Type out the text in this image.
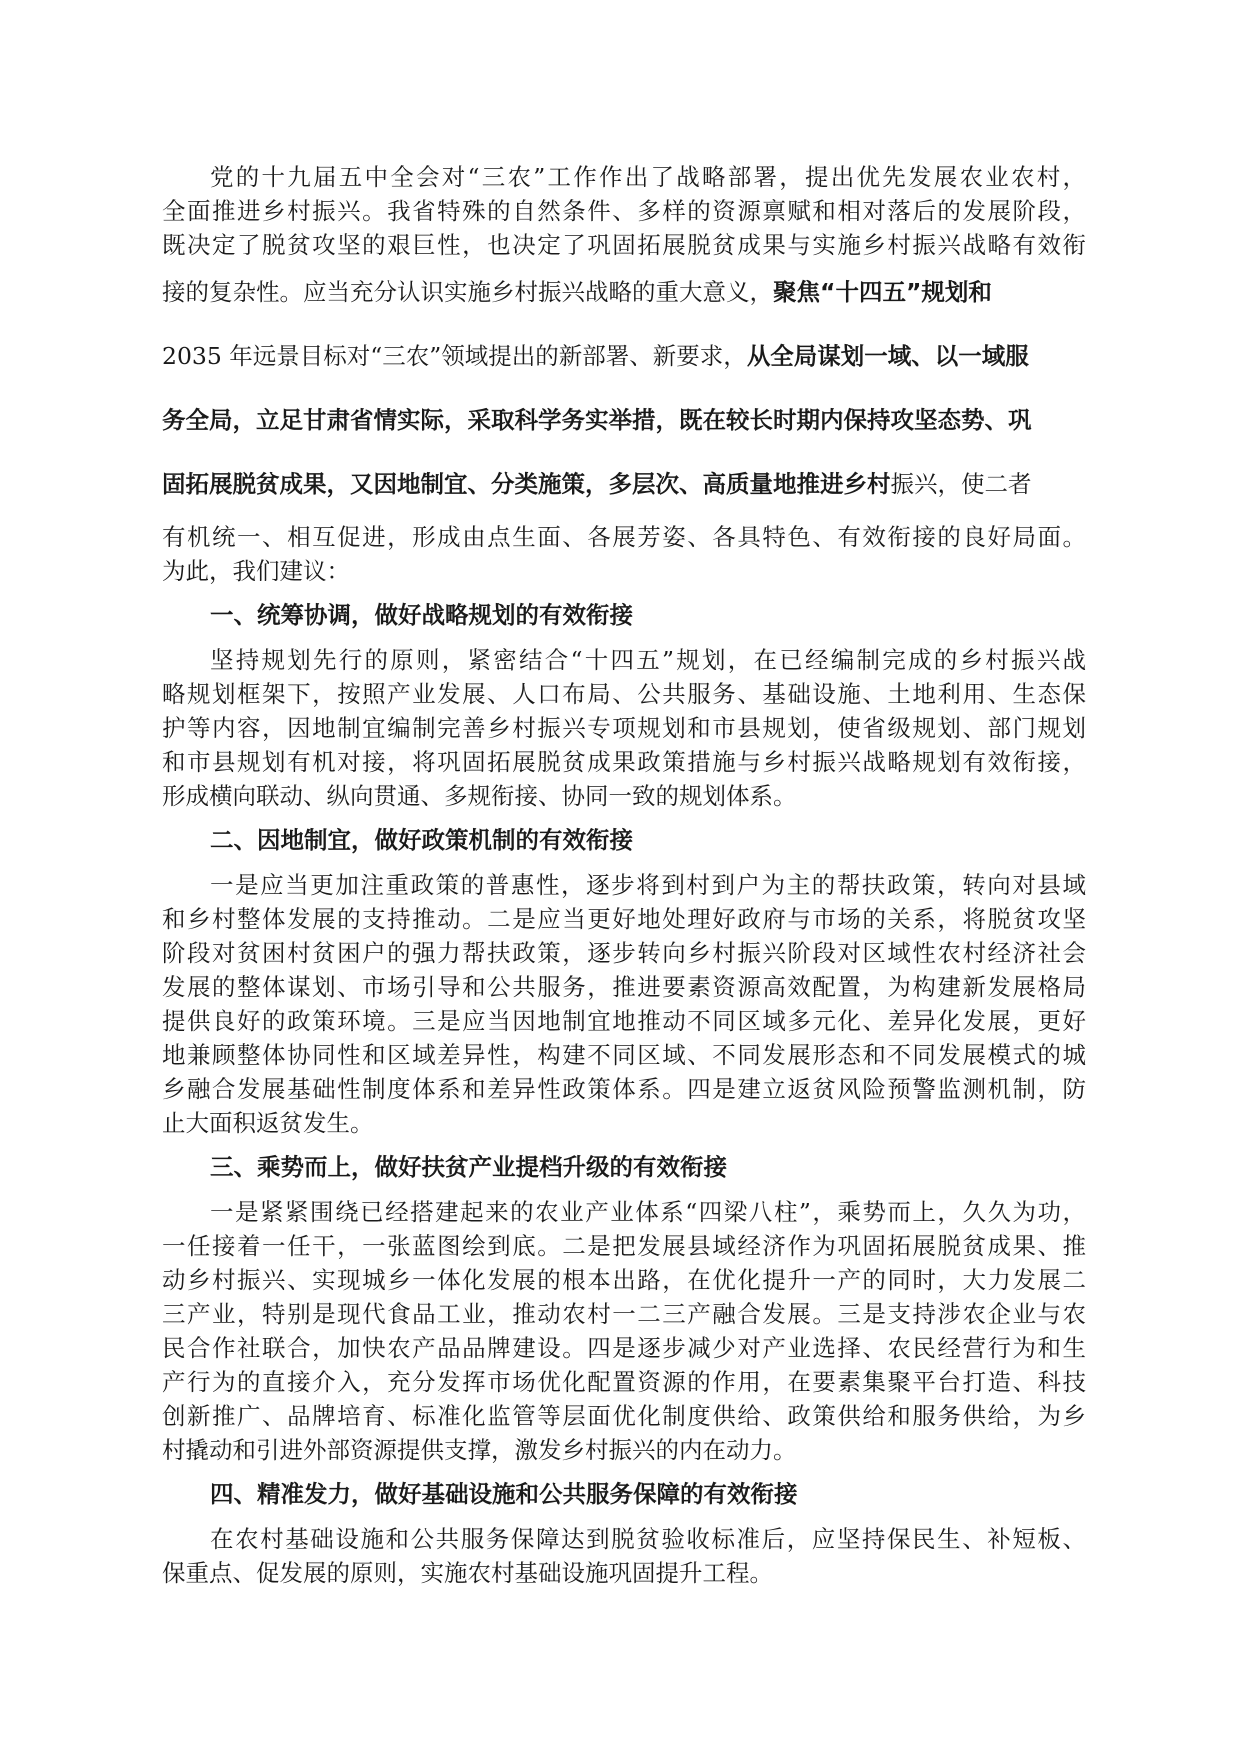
党的十九届五中全会对“三农”工作作出了战略部署，提出优先发展农业农村，

全面推进乡村振兴。我省特殊的自然条件、多样的资源禀赋和相对落后的发展阶段，

既决定了脱贫攻坚的艰巨性，也决定了巩固拓展脱贫成果与实施乡村振兴战略有效衔

接的复杂性。应当充分认识实施乡村振兴战略的重大意义，聚焦“十四五”规划和

2035 年远景目标对“三农”领域提出的新部署、新要求，从全局谋划一域、以一域服

务全局，立足甘肃省情实际，采取科学务实举措，既在较长时期内保持攻坚态势、巩

固拓展脱贫成果，又因地制宜、分类施策，多层次、高质量地推进乡村振兴，使二者

有机统一、相互促进，形成由点生面、各展芳姿、各具特色、有效衔接的良好局面。

为此，我们建议：

一、统筹协调，做好战略规划的有效衔接

坚持规划先行的原则，紧密结合“十四五”规划，在已经编制完成的乡村振兴战

略规划框架下，按照产业发展、人口布局、公共服务、基础设施、土地利用、生态保

护等内容，因地制宜编制完善乡村振兴专项规划和市县规划，使省级规划、部门规划

和市县规划有机对接，将巩固拓展脱贫成果政策措施与乡村振兴战略规划有效衔接，

形成横向联动、纵向贯通、多规衔接、协同一致的规划体系。

二、因地制宜，做好政策机制的有效衔接

一是应当更加注重政策的普惠性，逐步将到村到户为主的帮扶政策，转向对县域

和乡村整体发展的支持推动。二是应当更好地处理好政府与市场的关系，将脱贫攻坚

阶段对贫困村贫困户的强力帮扶政策，逐步转向乡村振兴阶段对区域性农村经济社会

发展的整体谋划、市场引导和公共服务，推进要素资源高效配置，为构建新发展格局

提供良好的政策环境。三是应当因地制宜地推动不同区域多元化、差异化发展，更好

地兼顾整体协同性和区域差异性，构建不同区域、不同发展形态和不同发展模式的城

乡融合发展基础性制度体系和差异性政策体系。四是建立返贫风险预警监测机制，防

止大面积返贫发生。

三、乘势而上，做好扶贫产业提档升级的有效衔接

一是紧紧围绕已经搭建起来的农业产业体系“四梁八柱”，乘势而上，久久为功，

一任接着一任干，一张蓝图绘到底。二是把发展县域经济作为巩固拓展脱贫成果、推

动乡村振兴、实现城乡一体化发展的根本出路，在优化提升一产的同时，大力发展二

三产业，特别是现代食品工业，推动农村一二三产融合发展。三是支持涉农企业与农

民合作社联合，加快农产品品牌建设。四是逐步减少对产业选择、农民经营行为和生

产行为的直接介入，充分发挥市场优化配置资源的作用，在要素集聚平台打造、科技

创新推广、品牌培育、标准化监管等层面优化制度供给、政策供给和服务供给，为乡

村撬动和引进外部资源提供支撑，激发乡村振兴的内在动力。

四、精准发力，做好基础设施和公共服务保障的有效衔接

在农村基础设施和公共服务保障达到脱贫验收标准后，应坚持保民生、补短板、

保重点、促发展的原则，实施农村基础设施巩固提升工程。
